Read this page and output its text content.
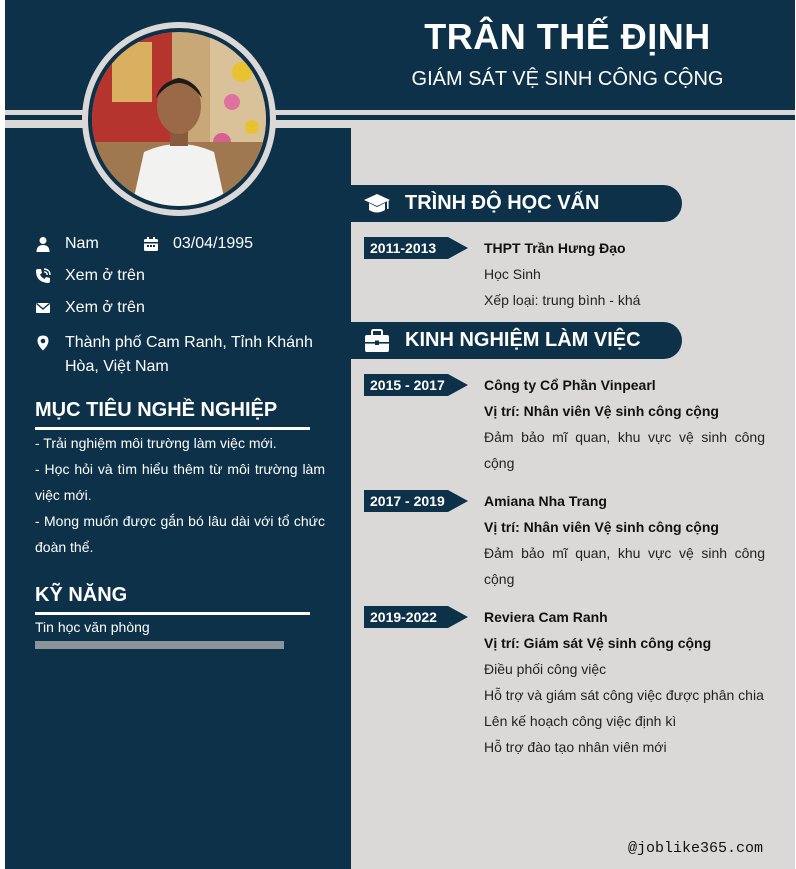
TRÂN THẾ ĐỊNH
GIÁM SÁT VỆ SINH CÔNG CỘNG
Nam	03/04/1995
Xem ở trên
Xem ở trên
Thành phố Cam Ranh, Tỉnh Khánh Hòa, Việt Nam
MỤC TIÊU NGHỀ NGHIỆP
- Trải nghiệm môi trường làm việc mới.
- Học hỏi và tìm hiểu thêm từ môi trường làm việc mới.
- Mong muốn được gắn bó lâu dài với tổ chức đoàn thể.
KỸ NĂNG
Tin học văn phòng
TRÌNH ĐỘ HỌC VẤN
2011-2013	THPT Trần Hưng Đạo
Học Sinh
Xếp loại: trung bình - khá
KINH NGHIỆM LÀM VIỆC
2015 - 2017	Công ty Cổ Phần Vinpearl
Vị trí: Nhân viên Vệ sinh công cộng
Đảm bảo mĩ quan, khu vực vệ sinh công cộng
2017 - 2019	Amiana Nha Trang
Vị trí: Nhân viên Vệ sinh công cộng
Đảm bảo mĩ quan, khu vực vệ sinh công cộng
2019-2022	Reviera Cam Ranh
Vị trí: Giám sát Vệ sinh công cộng
Điều phối công việc
Hỗ trợ và giám sát công việc được phân chia
Lên kế hoạch công việc định kì
Hỗ trợ đào tạo nhân viên mới
@joblike365.com
